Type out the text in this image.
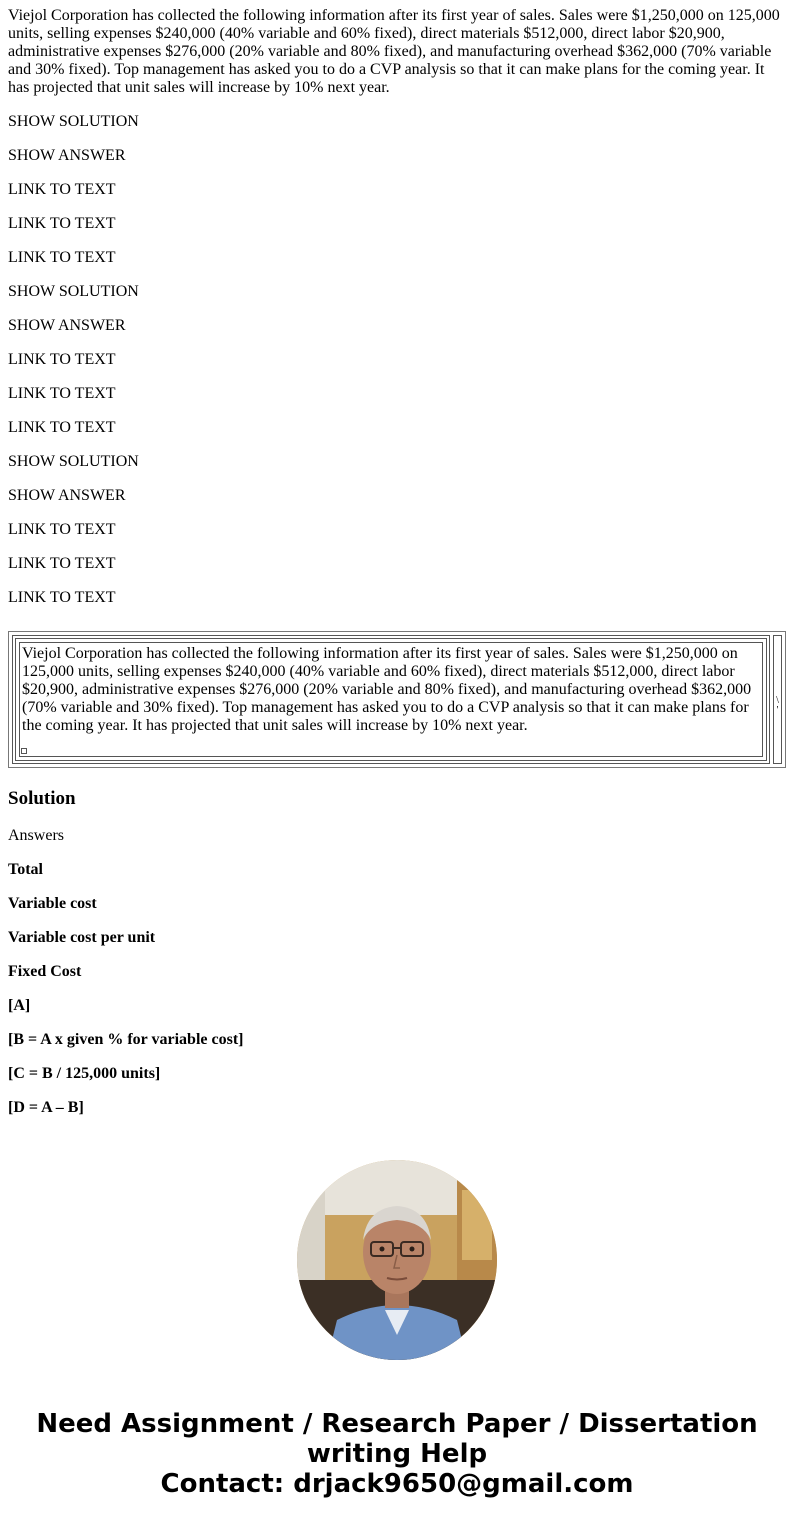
Viejol Corporation has collected the following information after its first year of sales. Sales were $1,250,000 on 125,000 units, selling expenses $240,000 (40% variable and 60% fixed), direct materials $512,000, direct labor $20,900, administrative expenses $276,000 (20% variable and 80% fixed), and manufacturing overhead $362,000 (70% variable and 30% fixed). Top management has asked you to do a CVP analysis so that it can make plans for the coming year. It has projected that unit sales will increase by 10% next year.

SHOW SOLUTION
SHOW ANSWER
LINK TO TEXT
LINK TO TEXT
LINK TO TEXT
SHOW SOLUTION
SHOW ANSWER
LINK TO TEXT
LINK TO TEXT
LINK TO TEXT
SHOW SOLUTION
SHOW ANSWER
LINK TO TEXT
LINK TO TEXT
LINK TO TEXT
Viejol Corporation has collected the following information after its first year of sales. Sales were $1,250,000 on 125,000 units, selling expenses $240,000 (40% variable and 60% fixed), direct materials $512,000, direct labor $20,900, administrative expenses $276,000 (20% variable and 80% fixed), and manufacturing overhead $362,000 (70% variable and 30% fixed). Top management has asked you to do a CVP analysis so that it can make plans for the coming year. It has projected that unit sales will increase by 10% next year.
\ '
Solution
Answers
Total
Variable cost
Variable cost per unit
Fixed Cost
[A]
[B = A x given % for variable cost]
[C = B / 125,000 units]
[D = A – B]

Need Assignment / Research Paper / Dissertation writing Help
Contact: drjack9650@gmail.com
